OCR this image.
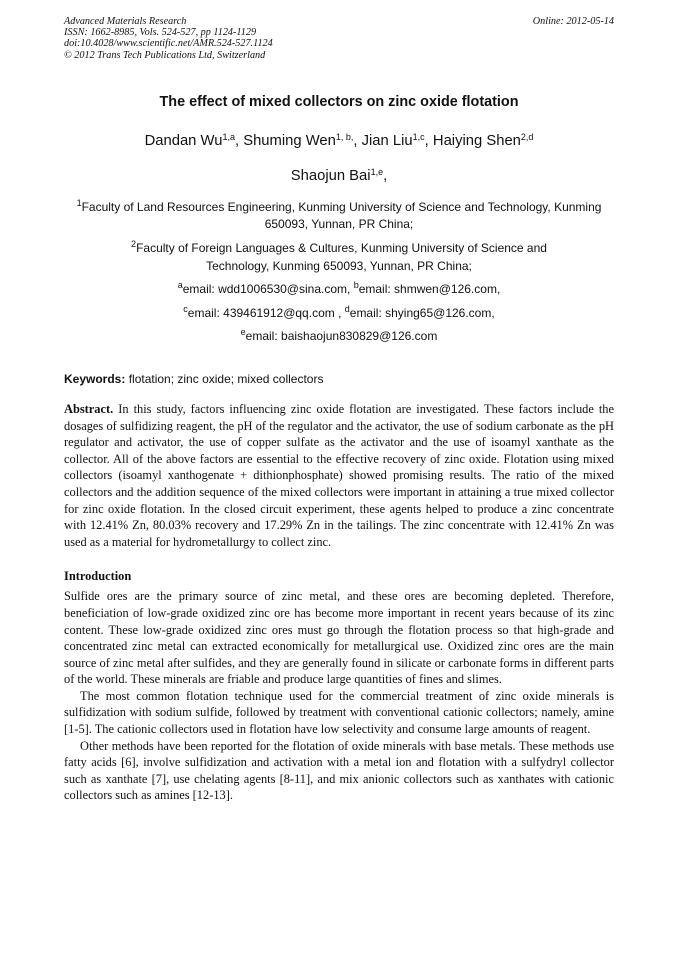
Advanced Materials Research
ISSN: 1662-8985, Vols. 524-527, pp 1124-1129
doi:10.4028/www.scientific.net/AMR.524-527.1124
© 2012 Trans Tech Publications Ltd, Switzerland
Online: 2012-05-14
The effect of mixed collectors on zinc oxide flotation
Dandan Wu$^{1,a}$, Shuming Wen$^{1, b,}$, Jian Liu$^{1,c}$, Haiying Shen$^{2,d}$
Shaojun Bai$^{1,e}$,
$^1$Faculty of Land Resources Engineering, Kunming University of Science and Technology, Kunming 650093, Yunnan, PR China;
$^2$Faculty of Foreign Languages & Cultures, Kunming University of Science and Technology, Kunming 650093, Yunnan, PR China;
$^a$email: wdd1006530@sina.com, $^b$email: shmwen@126.com,
$^c$email: 439461912@qq.com , $^d$email: shying65@126.com,
$^e$email: baishaojun830829@126.com
Keywords: flotation; zinc oxide; mixed collectors
Abstract. In this study, factors influencing zinc oxide flotation are investigated. These factors include the dosages of sulfidizing reagent, the pH of the regulator and the activator, the use of sodium carbonate as the pH regulator and activator, the use of copper sulfate as the activator and the use of isoamyl xanthate as the collector. All of the above factors are essential to the effective recovery of zinc oxide. Flotation using mixed collectors (isoamyl xanthogenate + dithionphosphate) showed promising results. The ratio of the mixed collectors and the addition sequence of the mixed collectors were important in attaining a true mixed collector for zinc oxide flotation. In the closed circuit experiment, these agents helped to produce a zinc concentrate with 12.41% Zn, 80.03% recovery and 17.29% Zn in the tailings. The zinc concentrate with 12.41% Zn was used as a material for hydrometallurgy to collect zinc.
Introduction
Sulfide ores are the primary source of zinc metal, and these ores are becoming depleted. Therefore, beneficiation of low-grade oxidized zinc ore has become more important in recent years because of its zinc content. These low-grade oxidized zinc ores must go through the flotation process so that high-grade and concentrated zinc metal can extracted economically for metallurgical use. Oxidized zinc ores are the main source of zinc metal after sulfides, and they are generally found in silicate or carbonate forms in different parts of the world. These minerals are friable and produce large quantities of fines and slimes.
The most common flotation technique used for the commercial treatment of zinc oxide minerals is sulfidization with sodium sulfide, followed by treatment with conventional cationic collectors; namely, amine [1-5]. The cationic collectors used in flotation have low selectivity and consume large amounts of reagent.
Other methods have been reported for the flotation of oxide minerals with base metals. These methods use fatty acids [6], involve sulfidization and activation with a metal ion and flotation with a sulfydryl collector such as xanthate [7], use chelating agents [8-11], and mix anionic collectors such as xanthates with cationic collectors such as amines [12-13].
